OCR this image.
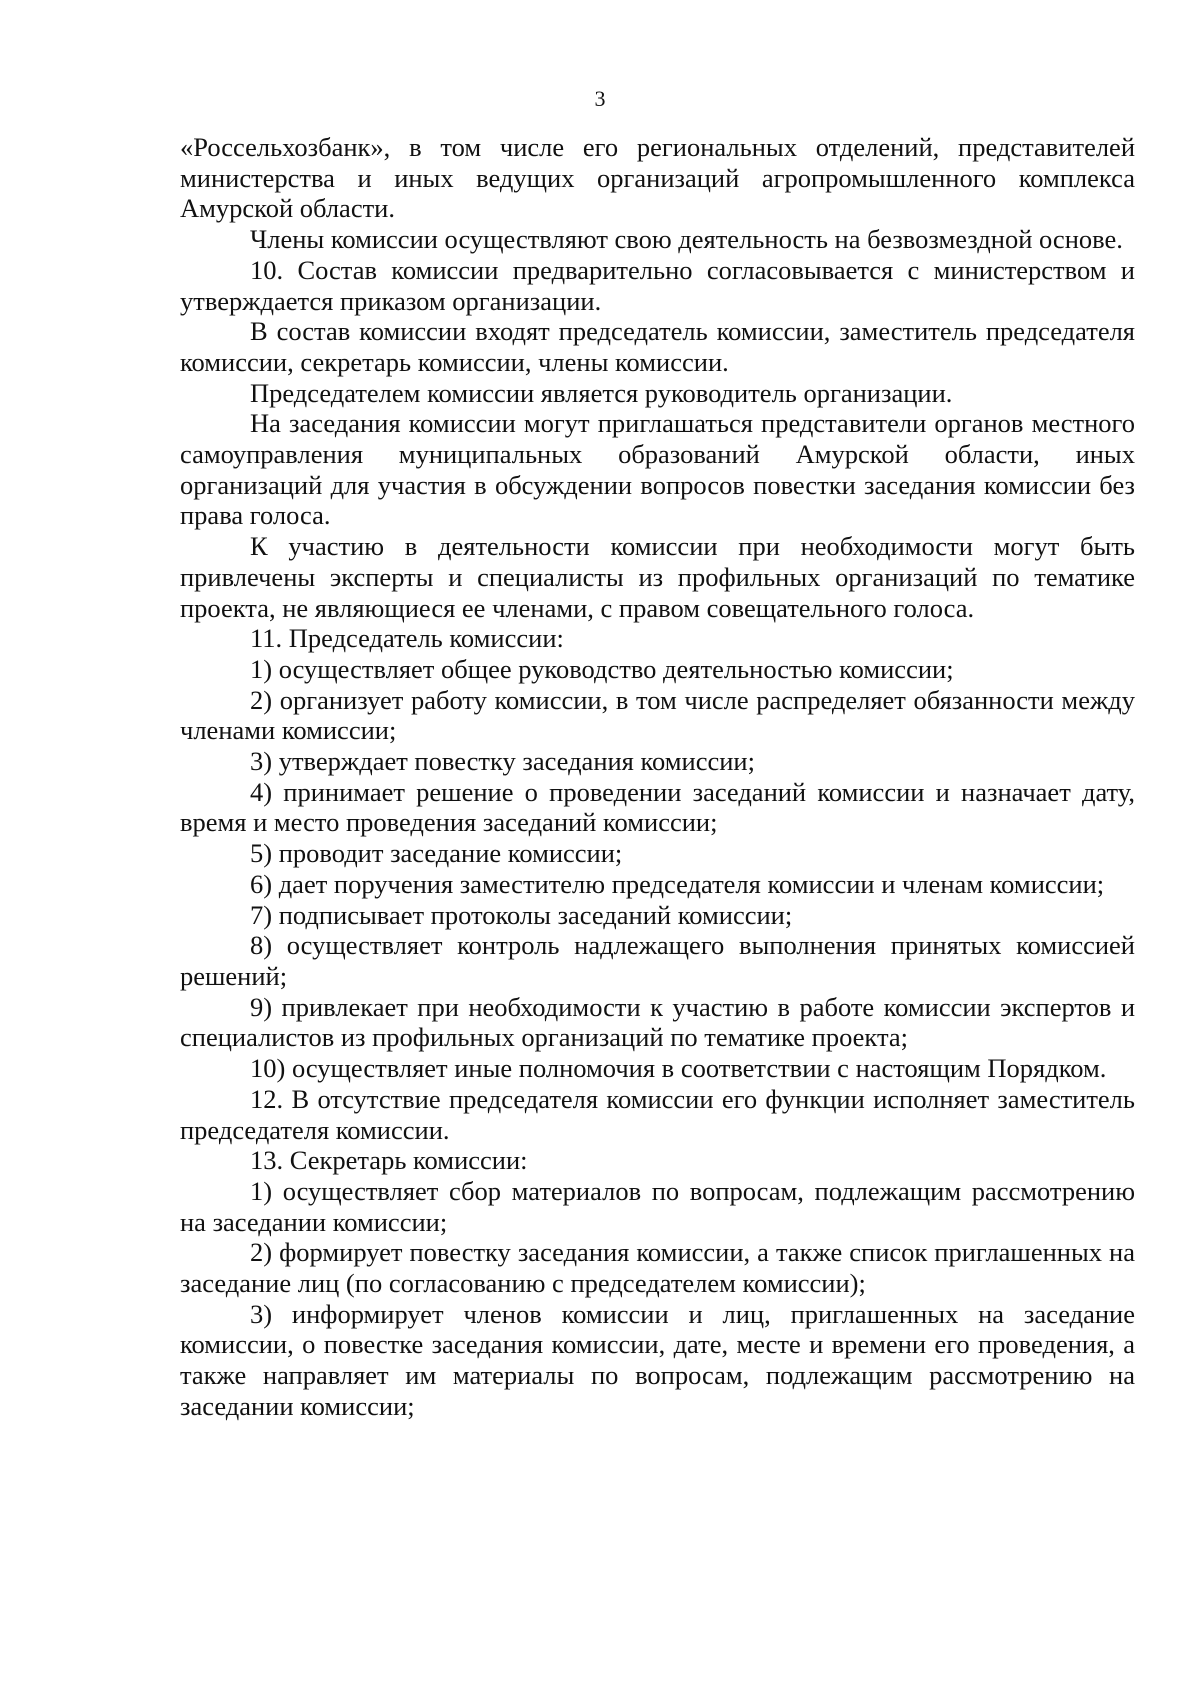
3

«Россельхозбанк», в том числе его региональных отделений, представителей министерства и иных ведущих организаций агропромышленного комплекса Амурской области.

Члены комиссии осуществляют свою деятельность на безвозмездной основе.

10. Состав комиссии предварительно согласовывается с министерством и утверждается приказом организации.

В состав комиссии входят председатель комиссии, заместитель председателя комиссии, секретарь комиссии, члены комиссии.

Председателем комиссии является руководитель организации.

На заседания комиссии могут приглашаться представители органов местного самоуправления муниципальных образований Амурской области, иных организаций для участия в обсуждении вопросов повестки заседания комиссии без права голоса.

К участию в деятельности комиссии при необходимости могут быть привлечены эксперты и специалисты из профильных организаций по тематике проекта, не являющиеся ее членами, с правом совещательного голоса.

11. Председатель комиссии:

1) осуществляет общее руководство деятельностью комиссии;

2) организует работу комиссии, в том числе распределяет обязанности между членами комиссии;

3) утверждает повестку заседания комиссии;

4) принимает решение о проведении заседаний комиссии и назначает дату, время и место проведения заседаний комиссии;

5) проводит заседание комиссии;

6) дает поручения заместителю председателя комиссии и членам комиссии;

7) подписывает протоколы заседаний комиссии;

8) осуществляет контроль надлежащего выполнения принятых комиссией решений;

9) привлекает при необходимости к участию в работе комиссии экспертов и специалистов из профильных организаций по тематике проекта;

10) осуществляет иные полномочия в соответствии с настоящим Порядком.

12. В отсутствие председателя комиссии его функции исполняет заместитель председателя комиссии.

13. Секретарь комиссии:

1) осуществляет сбор материалов по вопросам, подлежащим рассмотрению на заседании комиссии;

2) формирует повестку заседания комиссии, а также список приглашенных на заседание лиц (по согласованию с председателем комиссии);

3) информирует членов комиссии и лиц, приглашенных на заседание комиссии, о повестке заседания комиссии, дате, месте и времени его проведения, а также направляет им материалы по вопросам, подлежащим рассмотрению на заседании комиссии;
